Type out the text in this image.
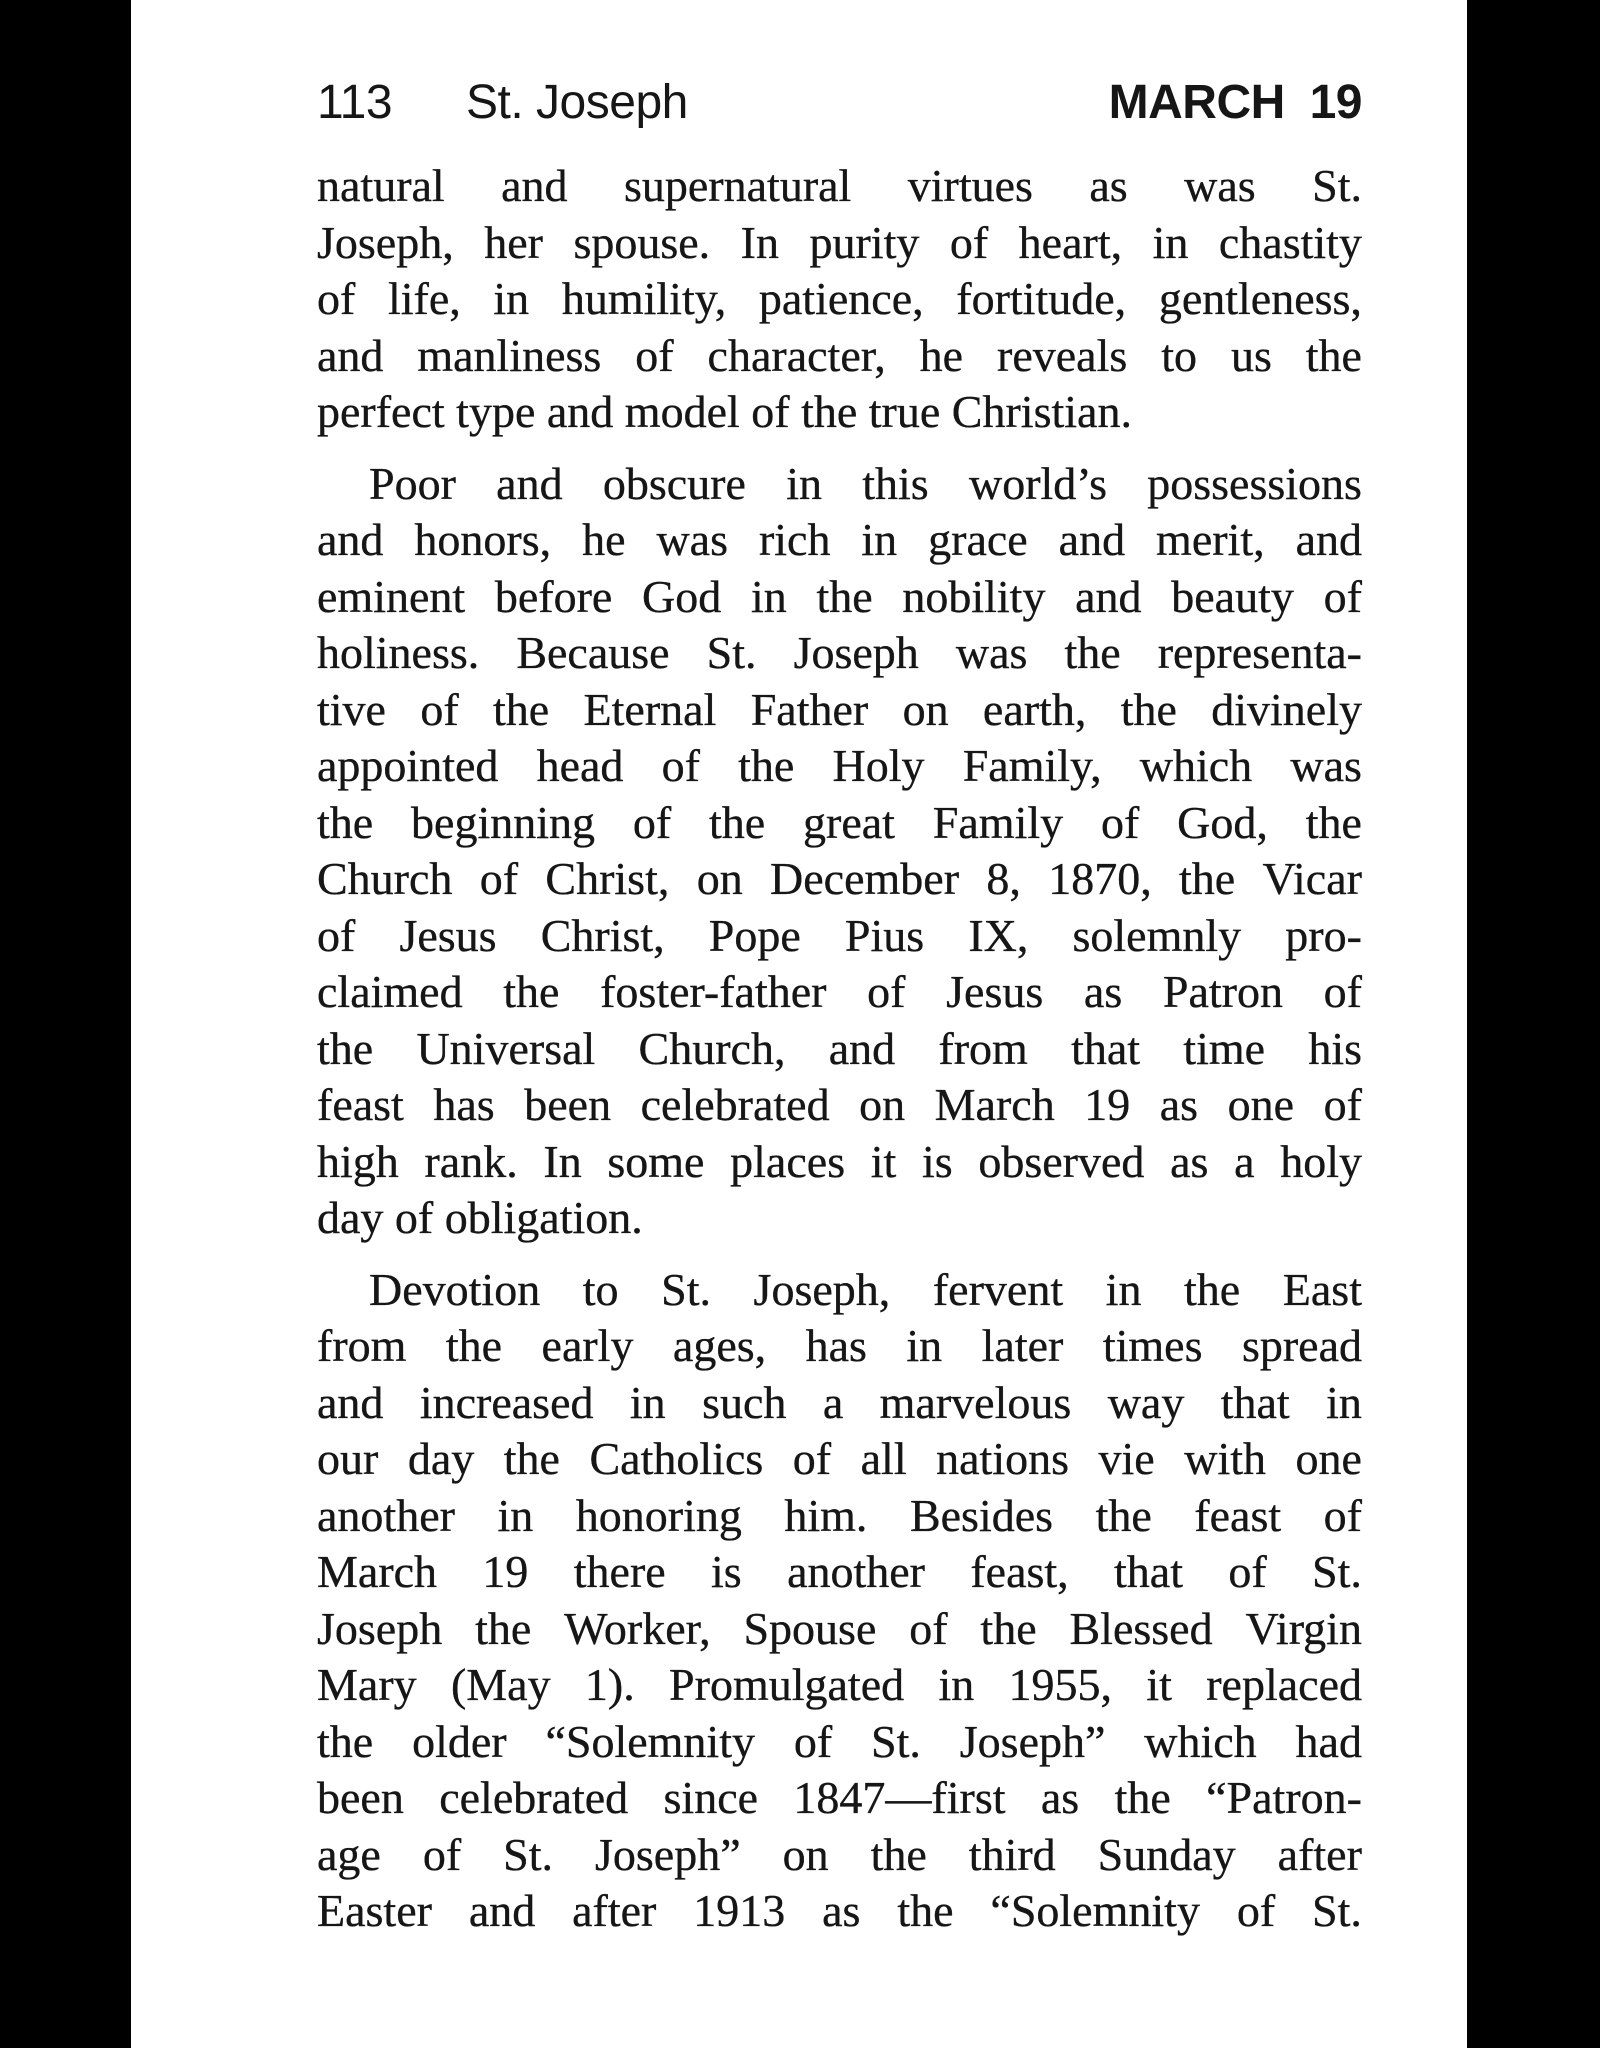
113 St. Joseph	MARCH 19
natural and supernatural virtues as was St.
Joseph, her spouse. In purity of heart, in chastity
of life, in humility, patience, fortitude, gentleness,
and manliness of character, he reveals to us the
perfect type and model of the true Christian.
Poor and obscure in this world’s possessions
and honors, he was rich in grace and merit, and
eminent before God in the nobility and beauty of
holiness. Because St. Joseph was the representa-
tive of the Eternal Father on earth, the divinely
appointed head of the Holy Family, which was
the beginning of the great Family of God, the
Church of Christ, on December 8, 1870, the Vicar
of Jesus Christ, Pope Pius IX, solemnly pro-
claimed the foster-father of Jesus as Patron of
the Universal Church, and from that time his
feast has been celebrated on March 19 as one of
high rank. In some places it is observed as a holy
day of obligation.
Devotion to St. Joseph, fervent in the East
from the early ages, has in later times spread
and increased in such a marvelous way that in
our day the Catholics of all nations vie with one
another in honoring him. Besides the feast of
March 19 there is another feast, that of St.
Joseph the Worker, Spouse of the Blessed Virgin
Mary (May 1). Promulgated in 1955, it replaced
the older “Solemnity of St. Joseph” which had
been celebrated since 1847—first as the “Patron-
age of St. Joseph” on the third Sunday after
Easter and after 1913 as the “Solemnity of St.
